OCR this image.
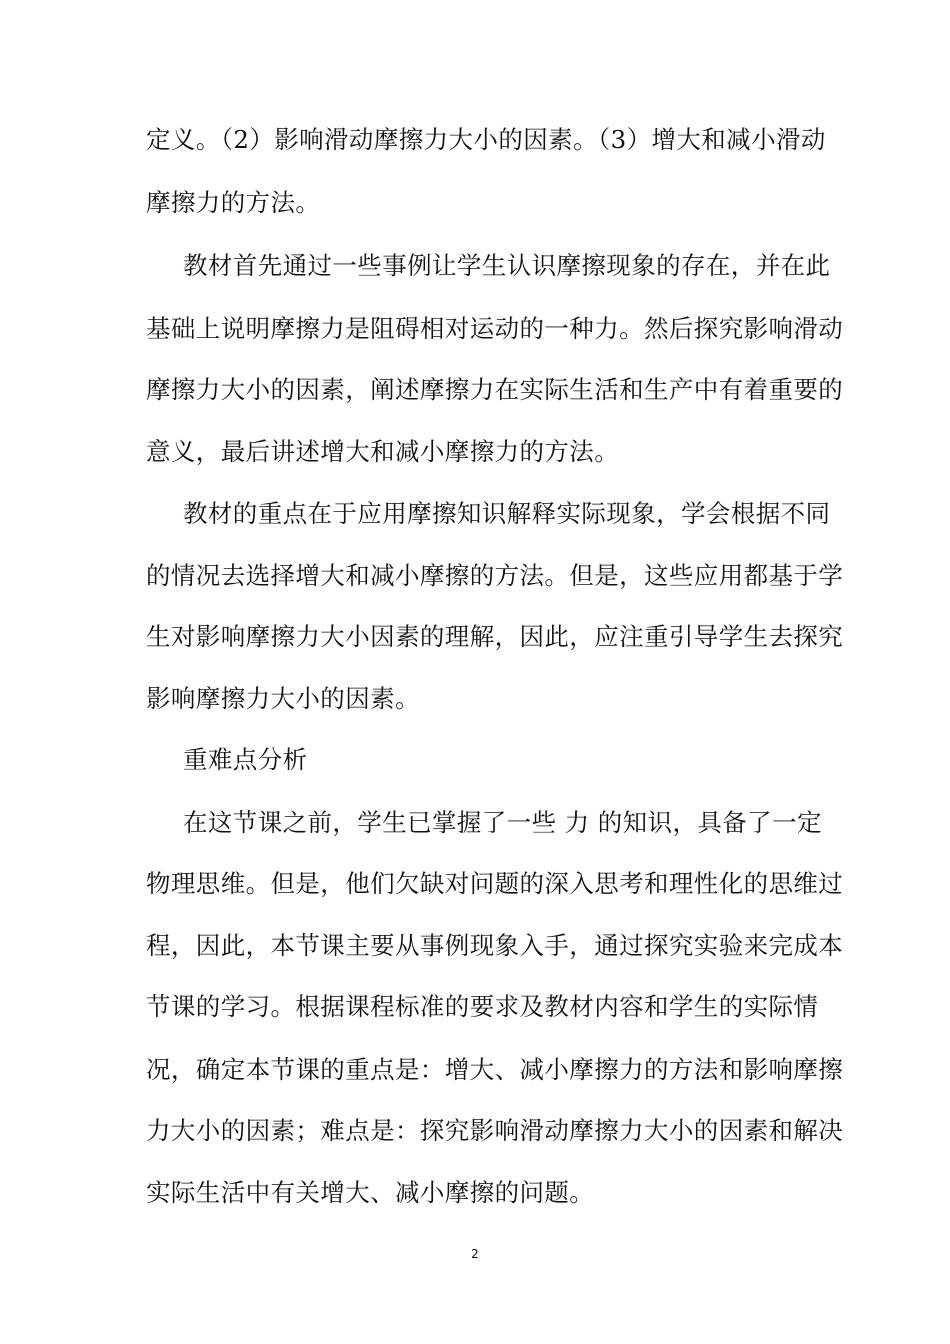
定义。（2）影响滑动摩擦力大小的因素。（3）增大和减小滑动
摩擦力的方法。
教材首先通过一些事例让学生认识摩擦现象的存在，并在此
基础上说明摩擦力是阻碍相对运动的一种力。然后探究影响滑动
摩擦力大小的因素，阐述摩擦力在实际生活和生产中有着重要的
意义，最后讲述增大和减小摩擦力的方法。
教材的重点在于应用摩擦知识解释实际现象，学会根据不同
的情况去选择增大和减小摩擦的方法。但是，这些应用都基于学
生对影响摩擦力大小因素的理解，因此，应注重引导学生去探究
影响摩擦力大小的因素。
重难点分析
在这节课之前，学生已掌握了一些 力 的知识，具备了一定
物理思维。但是，他们欠缺对问题的深入思考和理性化的思维过
程，因此，本节课主要从事例现象入手，通过探究实验来完成本
节课的学习。根据课程标准的要求及教材内容和学生的实际情
况，确定本节课的重点是：增大、减小摩擦力的方法和影响摩擦
力大小的因素；难点是：探究影响滑动摩擦力大小的因素和解决
实际生活中有关增大、减小摩擦的问题。
2
